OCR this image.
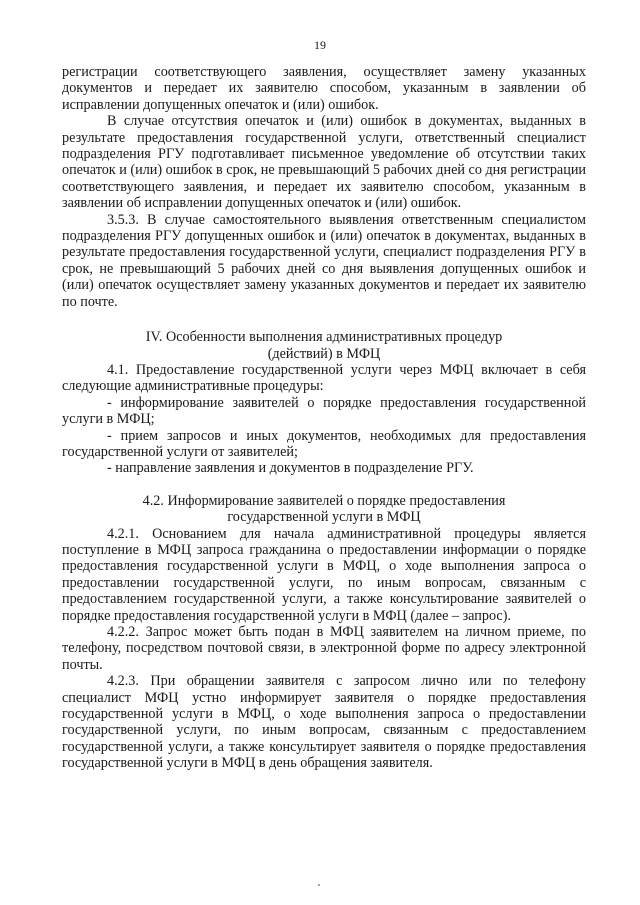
19

регистрации соответствующего заявления, осуществляет замену указанных документов и передает их заявителю способом, указанным в заявлении об исправлении допущенных опечаток и (или) ошибок.

В случае отсутствия опечаток и (или) ошибок в документах, выданных в результате предоставления государственной услуги, ответственный специалист подразделения РГУ подготавливает письменное уведомление об отсутствии таких опечаток и (или) ошибок в срок, не превышающий 5 рабочих дней со дня регистрации соответствующего заявления, и передает их заявителю способом, указанным в заявлении об исправлении допущенных опечаток и (или) ошибок.

3.5.3. В случае самостоятельного выявления ответственным специалистом подразделения РГУ допущенных ошибок и (или) опечаток в документах, выданных в результате предоставления государственной услуги, специалист подразделения РГУ в срок, не превышающий 5 рабочих дней со дня выявления допущенных ошибок и (или) опечаток осуществляет замену указанных документов и передает их заявителю по почте.

IV. Особенности выполнения административных процедур
(действий) в МФЦ

4.1. Предоставление государственной услуги через МФЦ включает в себя следующие административные процедуры:

- информирование заявителей о порядке предоставления государственной услуги в МФЦ;

- прием запросов и иных документов, необходимых для предоставления государственной услуги от заявителей;

- направление заявления и документов в подразделение РГУ.

4.2. Информирование заявителей о порядке предоставления
государственной услуги в МФЦ

4.2.1. Основанием для начала административной процедуры является поступление в МФЦ запроса гражданина о предоставлении информации о порядке предоставления государственной услуги в МФЦ, о ходе выполнения запроса о предоставлении государственной услуги, по иным вопросам, связанным с предоставлением государственной услуги, а также консультирование заявителей о порядке предоставления государственной услуги в МФЦ (далее – запрос).

4.2.2. Запрос может быть подан в МФЦ заявителем на личном приеме, по телефону, посредством почтовой связи, в электронной форме по адресу электронной почты.

4.2.3. При обращении заявителя с запросом лично или по телефону специалист МФЦ устно информирует заявителя о порядке предоставления государственной услуги в МФЦ, о ходе выполнения запроса о предоставлении государственной услуги, по иным вопросам, связанным с предоставлением государственной услуги, а также консультирует заявителя о порядке предоставления государственной услуги в МФЦ в день обращения заявителя.
